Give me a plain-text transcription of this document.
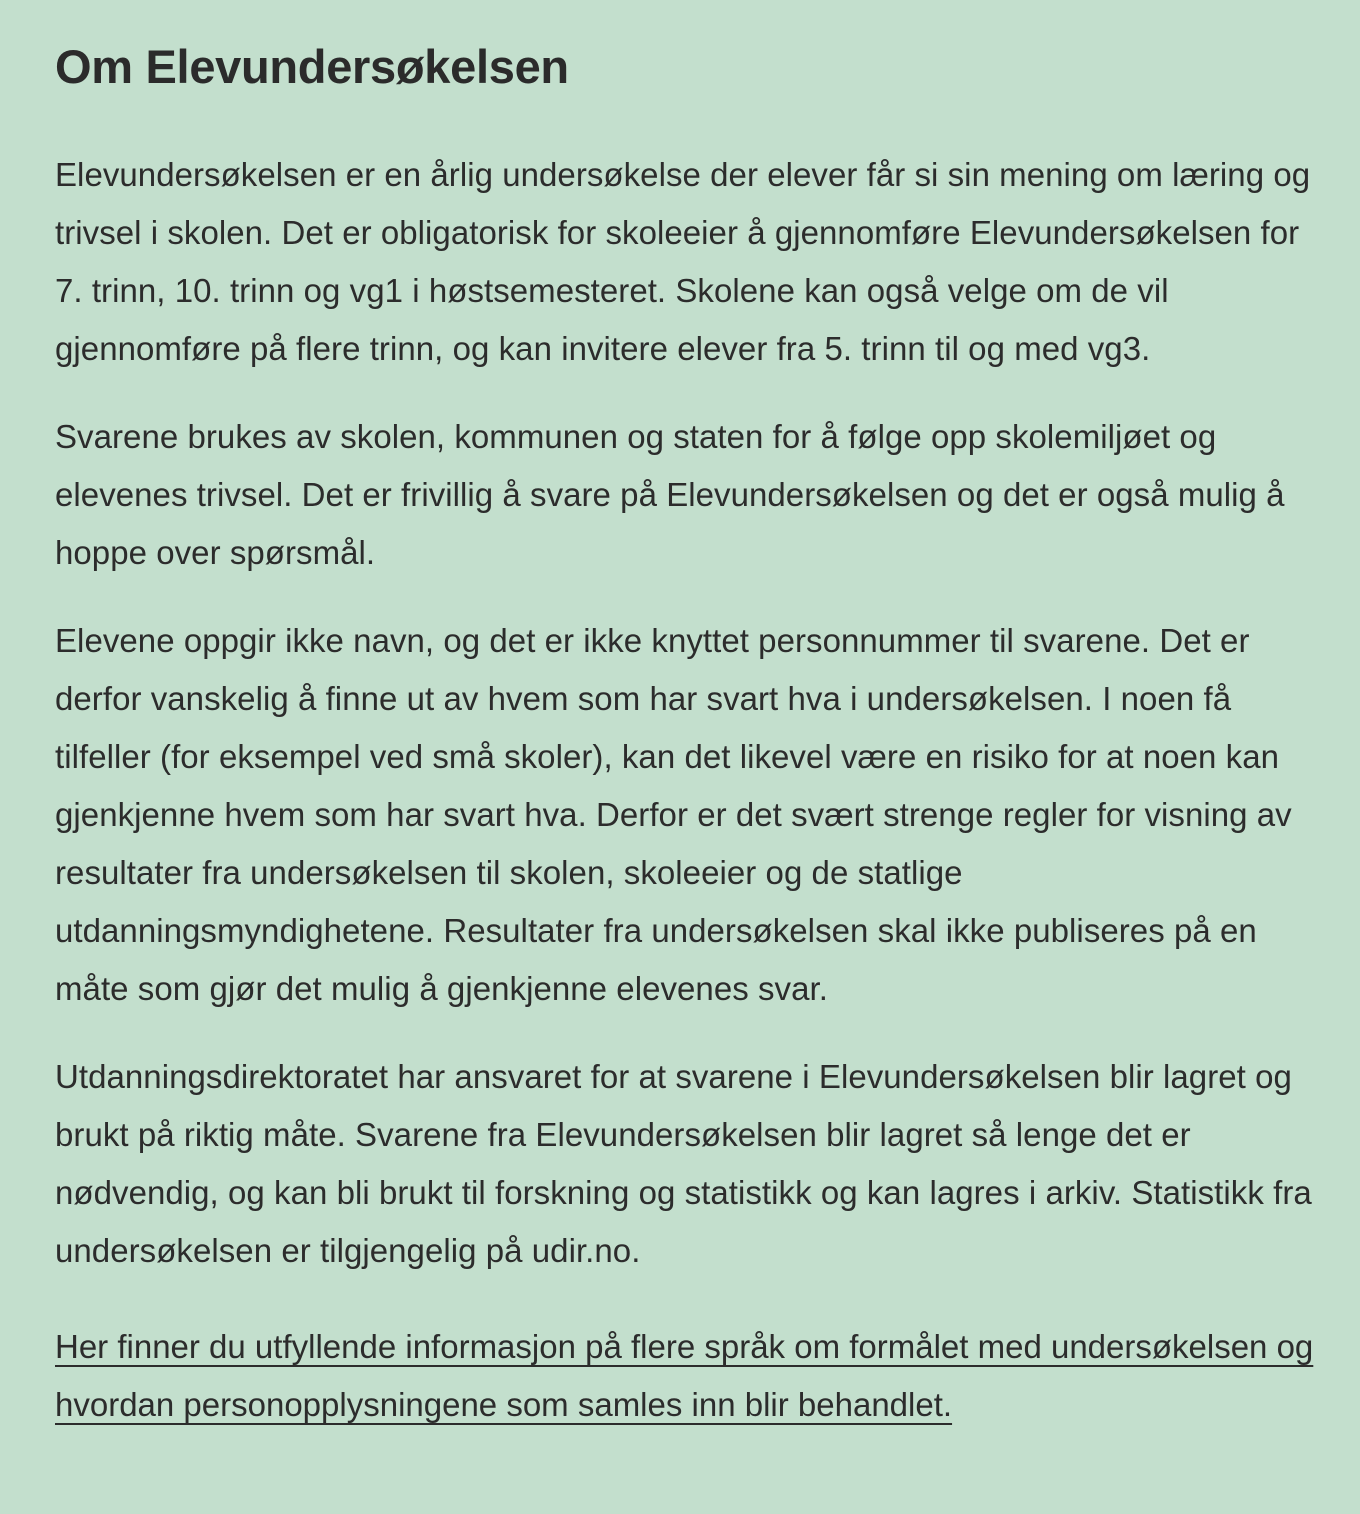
Om Elevundersøkelsen

Elevundersøkelsen er en årlig undersøkelse der elever får si sin mening om læring og trivsel i skolen. Det er obligatorisk for skoleeier å gjennomføre Elevundersøkelsen for 7. trinn, 10. trinn og vg1 i høstsemesteret. Skolene kan også velge om de vil gjennomføre på flere trinn, og kan invitere elever fra 5. trinn til og med vg3.

Svarene brukes av skolen, kommunen og staten for å følge opp skolemiljøet og elevenes trivsel. Det er frivillig å svare på Elevundersøkelsen og det er også mulig å hoppe over spørsmål.

Elevene oppgir ikke navn, og det er ikke knyttet personnummer til svarene. Det er derfor vanskelig å finne ut av hvem som har svart hva i undersøkelsen. I noen få tilfeller (for eksempel ved små skoler), kan det likevel være en risiko for at noen kan gjenkjenne hvem som har svart hva. Derfor er det svært strenge regler for visning av resultater fra undersøkelsen til skolen, skoleeier og de statlige utdanningsmyndighetene. Resultater fra undersøkelsen skal ikke publiseres på en måte som gjør det mulig å gjenkjenne elevenes svar.

Utdanningsdirektoratet har ansvaret for at svarene i Elevundersøkelsen blir lagret og brukt på riktig måte. Svarene fra Elevundersøkelsen blir lagret så lenge det er nødvendig, og kan bli brukt til forskning og statistikk og kan lagres i arkiv. Statistikk fra undersøkelsen er tilgjengelig på udir.no.

Her finner du utfyllende informasjon på flere språk om formålet med undersøkelsen og hvordan personopplysningene som samles inn blir behandlet.
